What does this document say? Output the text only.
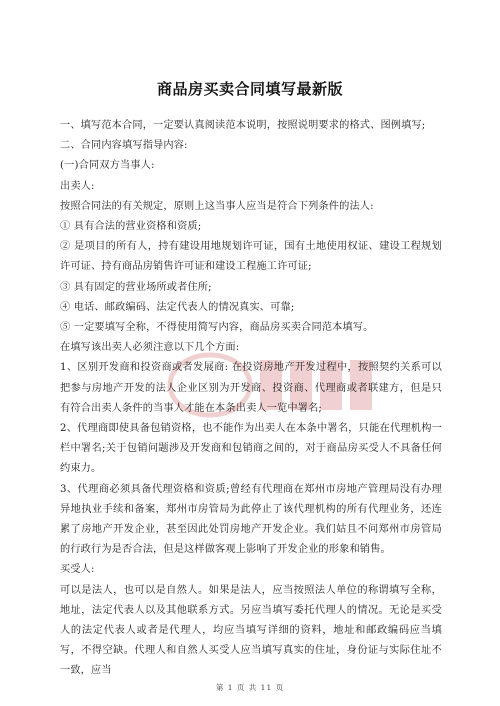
商品房买卖合同填写最新版

一、填写范本合同，一定要认真阅读范本说明，按照说明要求的格式、图例填写;

二、合同内容填写指导内容:

(一)合同双方当事人:

出卖人:

按照合同法的有关规定，原则上这当事人应当是符合下列条件的法人:

① 具有合法的营业资格和资质;

② 是项目的所有人，持有建设用地规划许可证，国有土地使用权证、建设工程规划许可证、持有商品房销售许可证和建设工程施工许可证;

③ 具有固定的营业场所或者住所;

④ 电话、邮政编码、法定代表人的情况真实、可靠;

⑤ 一定要填写全称，不得使用简写内容，商品房买卖合同范本填写。

在填写该出卖人必须注意以下几个方面:

1、区别开发商和投资商或者发展商: 在投资房地产开发过程中，按照契约关系可以把参与房地产开发的法人企业区别为开发商、投资商、代理商或者联建方，但是只有符合出卖人条件的当事人才能在本条出卖人一览中署名;

2、代理商即使具备包销资格，也不能作为出卖人在本条中署名，只能在代理机构一栏中署名;关于包销问题涉及开发商和包销商之间的，对于商品房买受人不具备任何约束力。

3、代理商必须具备代理资格和资质;曾经有代理商在郑州市房地产管理局没有办理异地执业手续和备案，郑州市房管局为此停止了该代理机构的所有代理业务，还连累了房地产开发企业，甚至因此处罚房地产开发企业。我们姑且不问郑州市房管局的行政行为是否合法，但是这样做客观上影响了开发企业的形象和销售。

买受人:

可以是法人，也可以是自然人。如果是法人，应当按照法人单位的称谓填写全称，地址，法定代表人以及其他联系方式。另应当填写委托代理人的情况。无论是买受人的法定代表人或者是代理人，均应当填写详细的资料，地址和邮政编码应当填写，不得空缺。代理人和自然人买受人应当填写真实的住址，身份证与实际住址不一致，应当

第 1 页 共 11 页
